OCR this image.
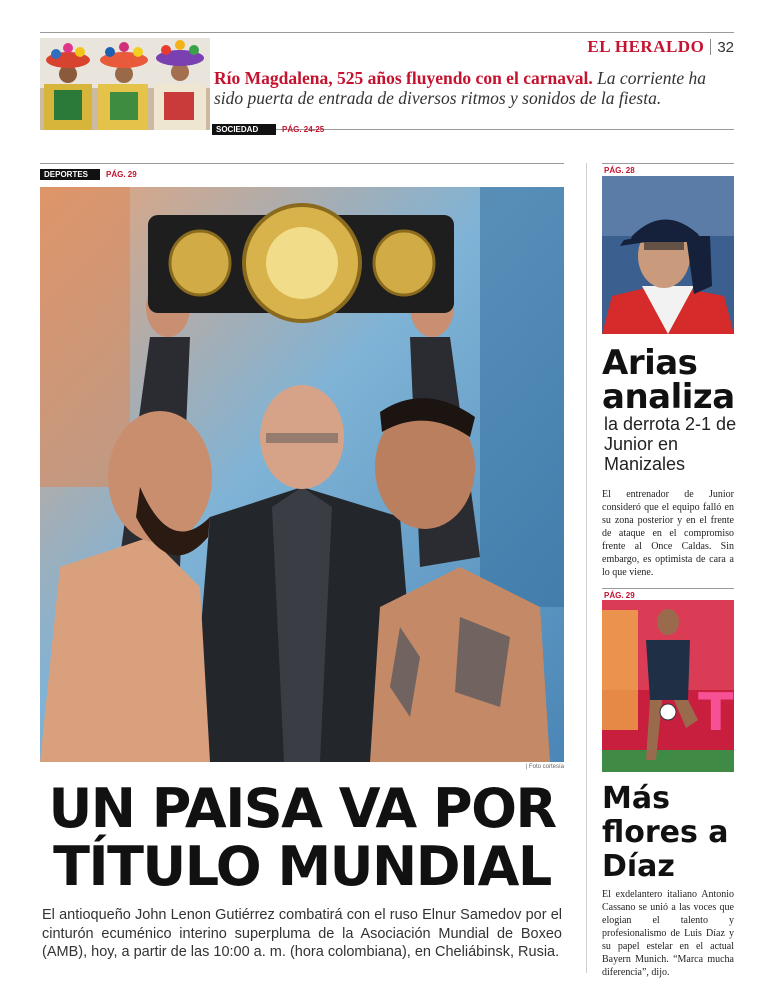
EL HERALDO 32
Río Magdalena, 525 años fluyendo con el carnaval. La corriente ha sido puerta de entrada de diversos ritmos y sonidos de la fiesta.
SOCIEDAD	PÁG. 24-25
DEPORTES PÁG. 29
| Foto cortesía
UN PAISA VA POR TÍTULO MUNDIAL
El antioqueño John Lenon Gutiérrez combatirá con el ruso Elnur Samedov por el cinturón ecuménico interino superpluma de la Asociación Mundial de Boxeo (AMB), hoy, a partir de las 10:00 a. m. (hora colombiana), en Cheliábinsk, Rusia.
PÁG. 28
Arias
analiza
la derrota 2-1 de Junior en Manizales
El entrenador de Junior consideró que el equipo falló en su zona posterior y en el frente de ataque en el compromiso frente al Once Caldas. Sin embargo, es optimista de cara a lo que viene.
PÁG. 29
T
Más flores a Díaz
El exdelantero italiano Antonio Cassano se unió a las voces que elogian el talento y profesionalismo de Luis Díaz y su papel estelar en el actual Bayern Munich. “Marca mucha diferencia”, dijo.
